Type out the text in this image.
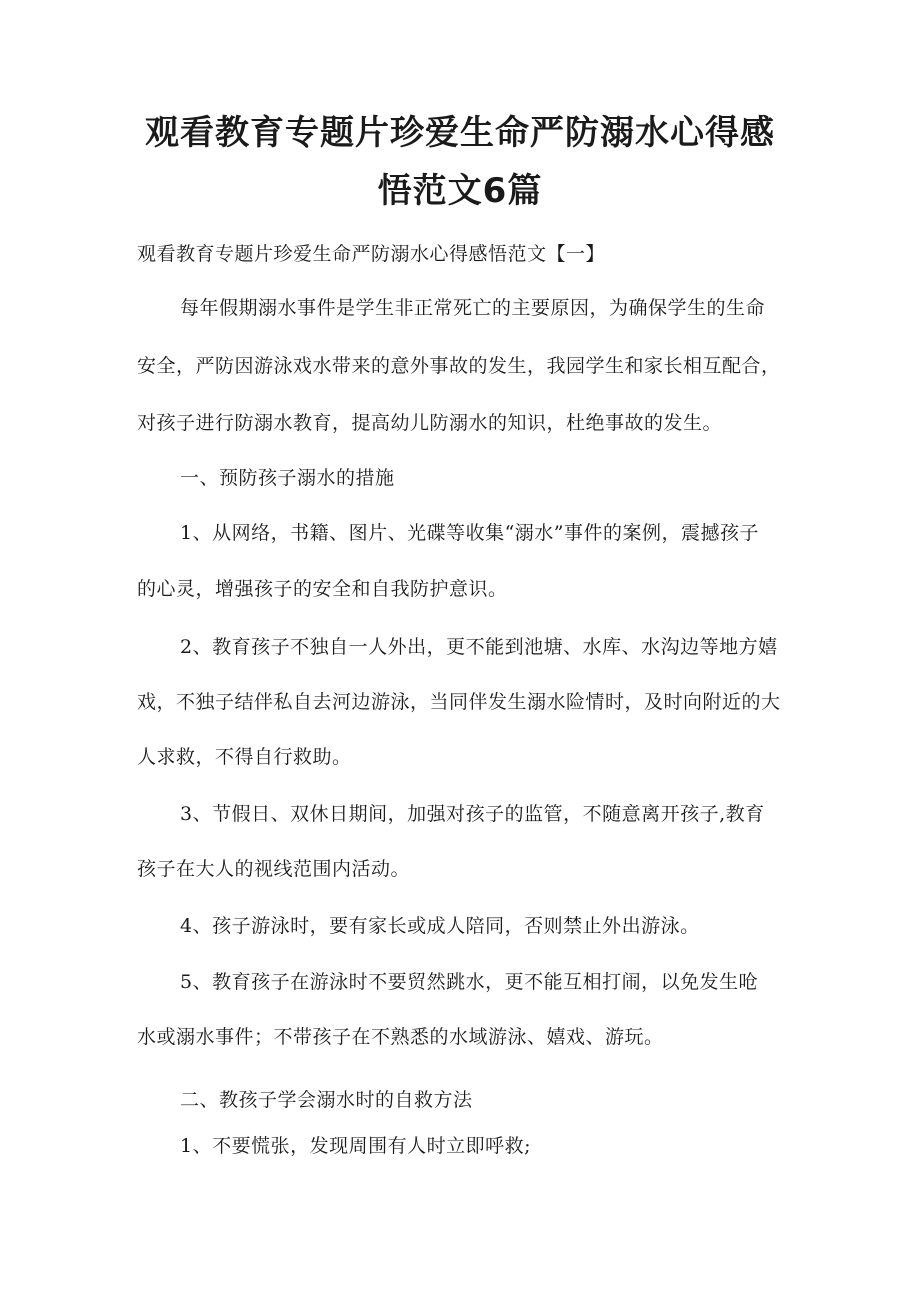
观看教育专题片珍爱生命严防溺水心得感
悟范文6篇
观看教育专题片珍爱生命严防溺水心得感悟范文【一】
每年假期溺水事件是学生非正常死亡的主要原因，为确保学生的生命
安全，严防因游泳戏水带来的意外事故的发生，我园学生和家长相互配合，
对孩子进行防溺水教育，提高幼儿防溺水的知识，杜绝事故的发生。
一、预防孩子溺水的措施
1、从网络，书籍、图片、光碟等收集“溺水”事件的案例，震撼孩子
的心灵，增强孩子的安全和自我防护意识。
2、教育孩子不独自一人外出，更不能到池塘、水库、水沟边等地方嬉
戏，不独子结伴私自去河边游泳，当同伴发生溺水险情时，及时向附近的大
人求救，不得自行救助。
3、节假日、双休日期间，加强对孩子的监管，不随意离开孩子,教育
孩子在大人的视线范围内活动。
4、孩子游泳时，要有家长或成人陪同，否则禁止外出游泳。
5、教育孩子在游泳时不要贸然跳水，更不能互相打闹，以免发生呛
水或溺水事件；不带孩子在不熟悉的水域游泳、嬉戏、游玩。
二、教孩子学会溺水时的自救方法
1、不要慌张，发现周围有人时立即呼救;
